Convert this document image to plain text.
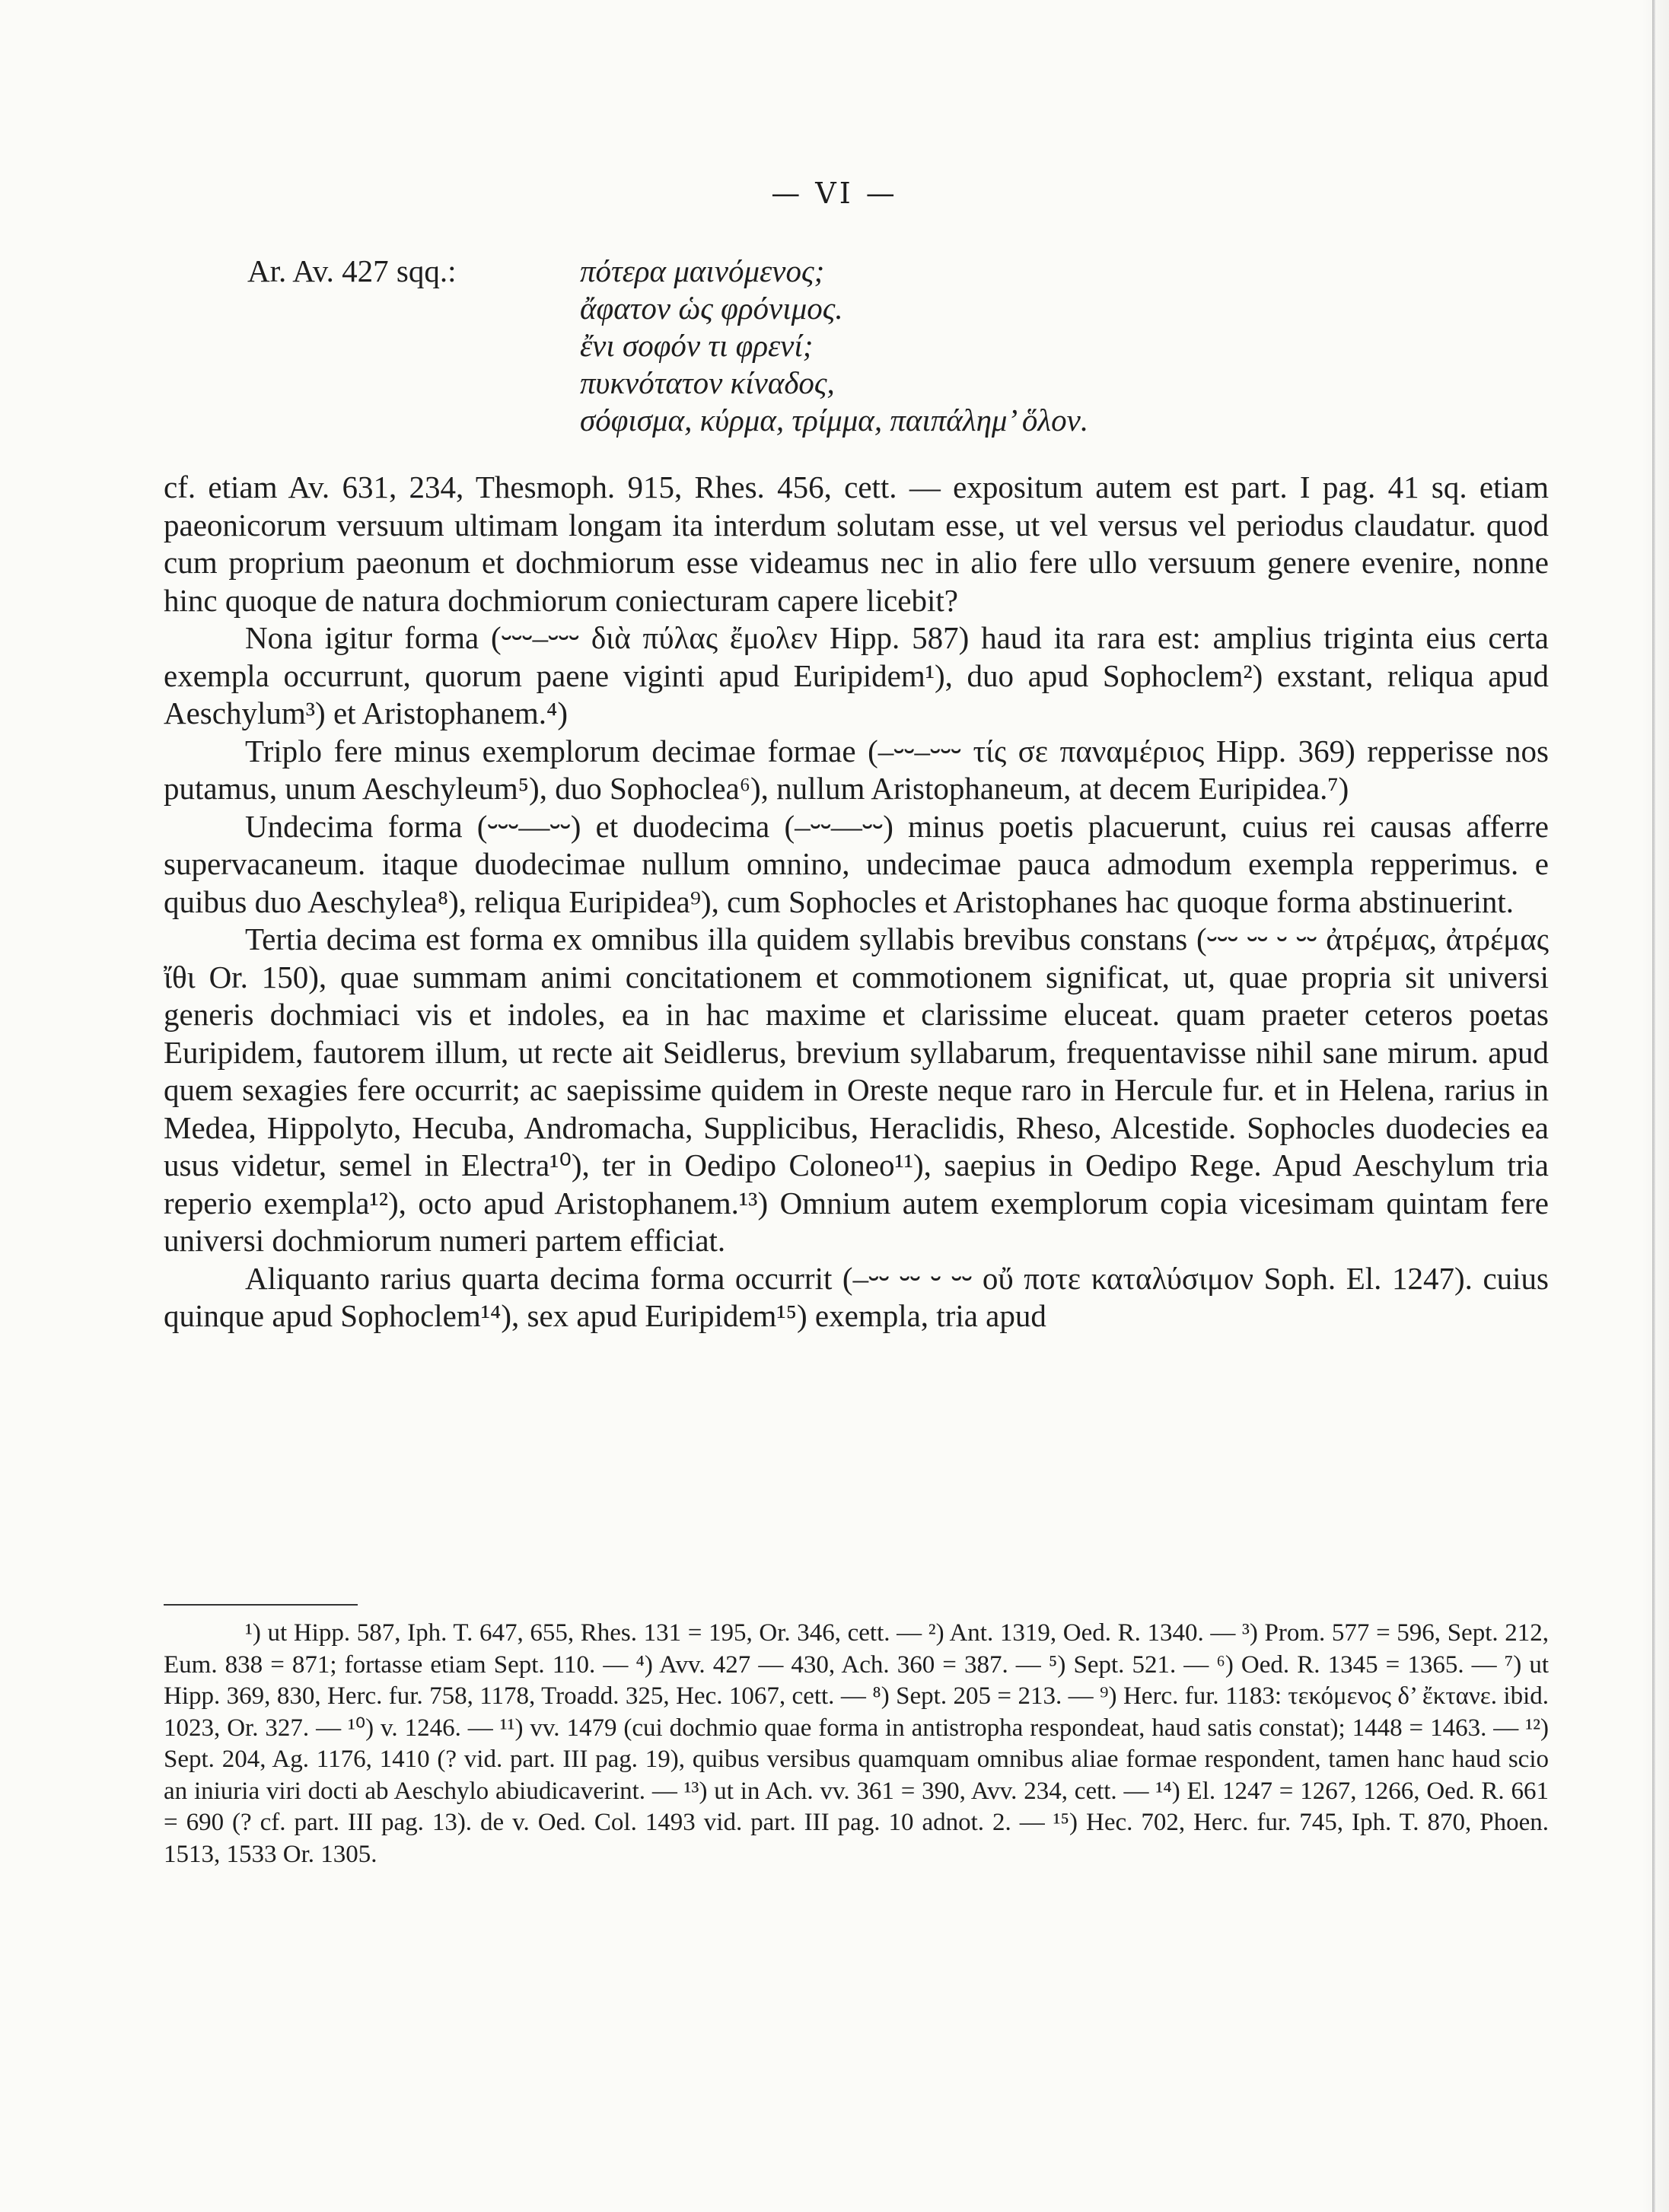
— VI —
Ar. Av. 427 sqq.:	πότερα μαινόμενος;
ἄφατον ὡς φρόνιμος.
ἔνι σοφόν τι φρενί;
πυκνότατον κίναδος,
σόφισμα, κύρμα, τρίμμα, παιπάλημ’ ὅλον.

cf. etiam Av. 631, 234, Thesmoph. 915, Rhes. 456, cett. — expositum autem est part. I pag. 41 sq. etiam paeonicorum versuum ultimam longam ita interdum solutam esse, ut vel versus vel periodus claudatur. quod cum proprium paeonum et dochmiorum esse videamus nec in alio fere ullo versuum genere evenire, nonne hinc quoque de natura dochmiorum coniecturam capere licebit?

Nona igitur forma (⏑⏑⏑–⏑⏑⏑ διὰ πύλας ἔμολεν Hipp. 587) haud ita rara est: amplius triginta eius certa exempla occurrunt, quorum paene viginti apud Euripidem¹), duo apud Sophoclem²) exstant, reliqua apud Aeschylum³) et Aristophanem.⁴)

Triplo fere minus exemplorum decimae formae (–⏑⏑–⏑⏑⏑ τίς σε παναμέριος Hipp. 369) repperisse nos putamus, unum Aeschyleum⁵), duo Sophoclea⁶), nullum Aristophaneum, at decem Euripidea.⁷)

Undecima forma (⏑⏑⏑––⏑⏑) et duodecima (–⏑⏑––⏑⏑) minus poetis placuerunt, cuius rei causas afferre supervacaneum. itaque duodecimae nullum omnino, undecimae pauca admodum exempla repperimus. e quibus duo Aeschylea⁸), reliqua Euripidea⁹), cum Sophocles et Aristophanes hac quoque forma abstinuerint.

Tertia decima est forma ex omnibus illa quidem syllabis brevibus constans (⏑⏑⏑ ⏑⏑ ⏑ ⏑⏑ ἀτρέμας, ἀτρέμας ἴθι Or. 150), quae summam animi concitationem et commotionem significat, ut, quae propria sit universi generis dochmiaci vis et indoles, ea in hac maxime et clarissime eluceat. quam praeter ceteros poetas Euripidem, fautorem illum, ut recte ait Seidlerus, brevium syllabarum, frequentavisse nihil sane mirum. apud quem sexagies fere occurrit; ac saepissime quidem in Oreste neque raro in Hercule fur. et in Helena, rarius in Medea, Hippolyto, Hecuba, Andromacha, Supplicibus, Heraclidis, Rheso, Alcestide. Sophocles duodecies ea usus videtur, semel in Electra¹⁰), ter in Oedipo Coloneo¹¹), saepius in Oedipo Rege. Apud Aeschylum tria reperio exempla¹²), octo apud Aristophanem.¹³) Omnium autem exemplorum copia vicesimam quintam fere universi dochmiorum numeri partem efficiat.

Aliquanto rarius quarta decima forma occurrit (–⏑⏑ ⏑⏑ ⏑ ⏑⏑ οὔ ποτε καταλύσιμον Soph. El. 1247). cuius quinque apud Sophoclem¹⁴), sex apud Euripidem¹⁵) exempla, tria apud

¹) ut Hipp. 587, Iph. T. 647, 655, Rhes. 131 = 195, Or. 346, cett. — ²) Ant. 1319, Oed. R. 1340. — ³) Prom. 577 = 596, Sept. 212, Eum. 838 = 871; fortasse etiam Sept. 110. — ⁴) Avv. 427 — 430, Ach. 360 = 387. — ⁵) Sept. 521. — ⁶) Oed. R. 1345 = 1365. — ⁷) ut Hipp. 369, 830, Herc. fur. 758, 1178, Troadd. 325, Hec. 1067, cett. — ⁸) Sept. 205 = 213. — ⁹) Herc. fur. 1183: τεκόμενος δ’ ἔκτανε. ibid. 1023, Or. 327. — ¹⁰) v. 1246. — ¹¹) vv. 1479 (cui dochmio quae forma in antistropha respondeat, haud satis constat); 1448 = 1463. — ¹²) Sept. 204, Ag. 1176, 1410 (? vid. part. III pag. 19), quibus versibus quamquam omnibus aliae formae respondent, tamen hanc haud scio an iniuria viri docti ab Aeschylo abiudicaverint. — ¹³) ut in Ach. vv. 361 = 390, Avv. 234, cett. — ¹⁴) El. 1247 = 1267, 1266, Oed. R. 661 = 690 (? cf. part. III pag. 13). de v. Oed. Col. 1493 vid. part. III pag. 10 adnot. 2. — ¹⁵) Hec. 702, Herc. fur. 745, Iph. T. 870, Phoen. 1513, 1533 Or. 1305.
